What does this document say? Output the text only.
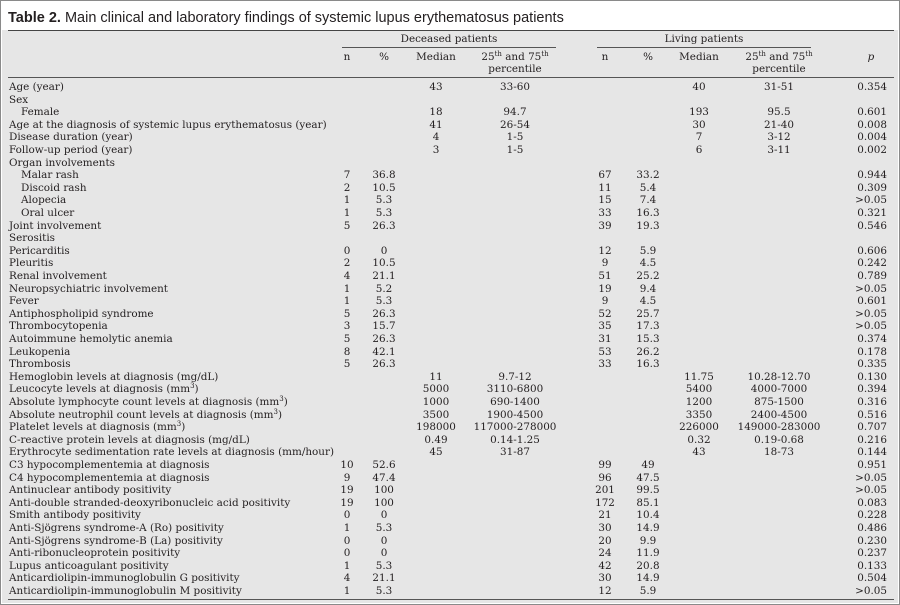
Table 2. Main clinical and laboratory findings of systemic lupus erythematosus patients
Deceased patients	Living patients
n	%	Median	25th and 75th
percentile
n	%	Median	25th and 75th
percentile
p
Age (year)	43	33-60	40	31-51	0.354
Sex
Female	18	94.7	193	95.5	0.601
Age at the diagnosis of systemic lupus erythematosus (year)	41	26-54	30	21-40	0.008
Disease duration (year)	4	1-5	7	3-12	0.004
Follow-up period (year)	3	1-5	6	3-11	0.002
Organ involvements
Malar rash	7	36.8	67	33.2	0.944
Discoid rash	2	10.5	11	5.4	0.309
Alopecia	1	5.3	15	7.4	>0.05
Oral ulcer	1	5.3	33	16.3	0.321
Joint involvement	5	26.3	39	19.3	0.546
Serositis
Pericarditis	0	0	12	5.9	0.606
Pleuritis	2	10.5	9	4.5	0.242
Renal involvement	4	21.1	51	25.2	0.789
Neuropsychiatric involvement	1	5.2	19	9.4	>0.05
Fever	1	5.3	9	4.5	0.601
Antiphospholipid syndrome	5	26.3	52	25.7	>0.05
Thrombocytopenia	3	15.7	35	17.3	>0.05
Autoimmune hemolytic anemia	5	26.3	31	15.3	0.374
Leukopenia	8	42.1	53	26.2	0.178
Thrombosis	5	26.3	33	16.3	0.335
Hemoglobin levels at diagnosis (mg/dL)	11	9.7-12	11.75	10.28-12.70	0.130
Leucocyte levels at diagnosis $(mm^3)$	5000	3110-6800	5400	4000-7000	0.394
Absolute lymphocyte count levels at diagnosis $(mm^3)$	1000	690-1400	1200	875-1500	0.316
Absolute neutrophil count levels at diagnosis $(mm^3)$	3500	1900-4500	3350	2400-4500	0.516
Platelet levels at diagnosis $(mm^3)$	198000	117000-278000	226000	149000-283000	0.707
C-reactive protein levels at diagnosis (mg/dL)	0.49	0.14-1.25	0.32	0.19-0.68	0.216
Erythrocyte sedimentation rate levels at diagnosis (mm/hour)	45	31-87	43	18-73	0.144
C3 hypocomplementemia at diagnosis	10	52.6	99	49	0.951
C4 hypocomplementemia at diagnosis	9	47.4	96	47.5	>0.05
Antinuclear antibody positivity	19	100	201	99.5	>0.05
Anti-double stranded-deoxyribonucleic acid positivity	19	100	172	85.1	0.083
Smith antibody positivity	0	0	21	10.4	0.228
Anti-Sjögrens syndrome-A (Ro) positivity	1	5.3	30	14.9	0.486
Anti-Sjögrens syndrome-B (La) positivity	0	0	20	9.9	0.230
Anti-ribonucleoprotein positivity	0	0	24	11.9	0.237
Lupus anticoagulant positivity	1	5.3	42	20.8	0.133
Anticardiolipin-immunoglobulin G positivity	4	21.1	30	14.9	0.504
Anticardiolipin-immunoglobulin M positivity	1	5.3	12	5.9	>0.05
